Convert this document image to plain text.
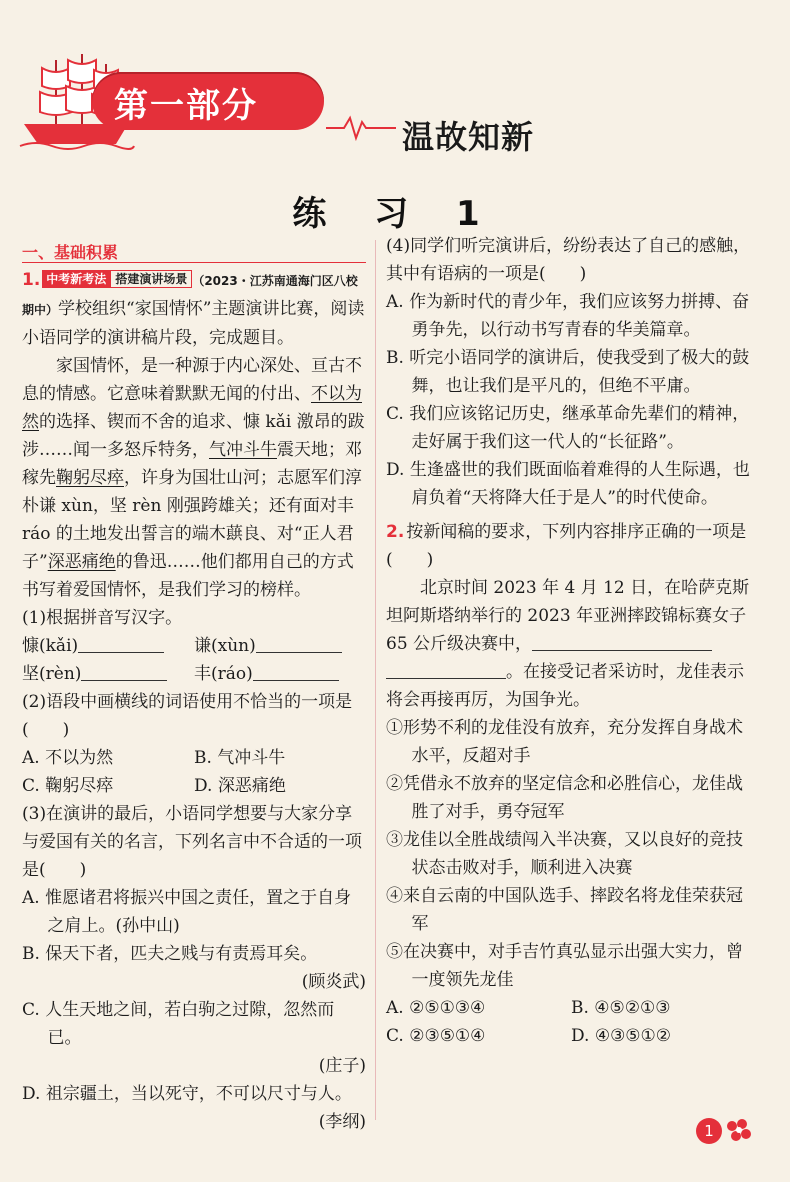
第一部分
温故知新
练 习 1
一、基础积累

1. 中考新考法 搭建演讲场景 （2023・江苏南通海门区八校

期中）学校组织“家国情怀”主题演讲比赛，阅读小语同学的演讲稿片段，完成题目。

家国情怀，是一种源于内心深处、亘古不息的情感。它意味着默默无闻的付出、不以为然的选择、锲而不舍的追求、慷 kǎi 激昂的跋涉……闻一多怒斥特务，气冲斗牛震天地；邓稼先鞠躬尽瘁，许身为国壮山河；志愿军们淳朴谦 xùn，坚 rèn 刚强跨雄关；还有面对丰 ráo 的土地发出誓言的端木蕻良、对“正人君子”深恶痛绝的鲁迅……他们都用自己的方式书写着爱国情怀，是我们学习的榜样。

(1)根据拼音写汉字。

慷(kǎi)	谦(xùn)
坚(rèn)	丰(ráo)

(2)语段中画横线的词语使用不恰当的一项是(　　)

A. 不以为然	B. 气冲斗牛
C. 鞠躬尽瘁	D. 深恶痛绝

(3)在演讲的最后，小语同学想要与大家分享与爱国有关的名言，下列名言中不合适的一项是(　　)

A. 惟愿诸君将振兴中国之责任，置之于自身之肩上。(孙中山)

B. 保天下者，匹夫之贱与有责焉耳矣。

(顾炎武)

C. 人生天地之间，若白驹之过隙，忽然而已。

(庄子)

D. 祖宗疆土，当以死守，不可以尺寸与人。

(李纲)

(4)同学们听完演讲后，纷纷表达了自己的感触，其中有语病的一项是(　　)

A. 作为新时代的青少年，我们应该努力拼搏、奋勇争先，以行动书写青春的华美篇章。

B. 听完小语同学的演讲后，使我受到了极大的鼓舞，也让我们是平凡的，但绝不平庸。

C. 我们应该铭记历史，继承革命先辈们的精神，走好属于我们这一代人的“长征路”。

D. 生逢盛世的我们既面临着难得的人生际遇，也肩负着“天将降大任于是人”的时代使命。

2. 按新闻稿的要求，下列内容排序正确的一项是(　　)

北京时间 2023 年 4 月 12 日，在哈萨克斯坦阿斯塔纳举行的 2023 年亚洲摔跤锦标赛女子 65 公斤级决赛中，。在接受记者采访时，龙佳表示将会再接再厉，为国争光。

①形势不利的龙佳没有放弃，充分发挥自身战术水平，反超对手

②凭借永不放弃的坚定信念和必胜信心，龙佳战胜了对手，勇夺冠军

③龙佳以全胜战绩闯入半决赛，又以良好的竞技状态击败对手，顺利进入决赛

④来自云南的中国队选手、摔跤名将龙佳荣获冠军

⑤在决赛中，对手吉竹真弘显示出强大实力，曾一度领先龙佳

A. ②⑤①③④	B. ④⑤②①③
C. ②③⑤①④	D. ④③⑤①②
1
